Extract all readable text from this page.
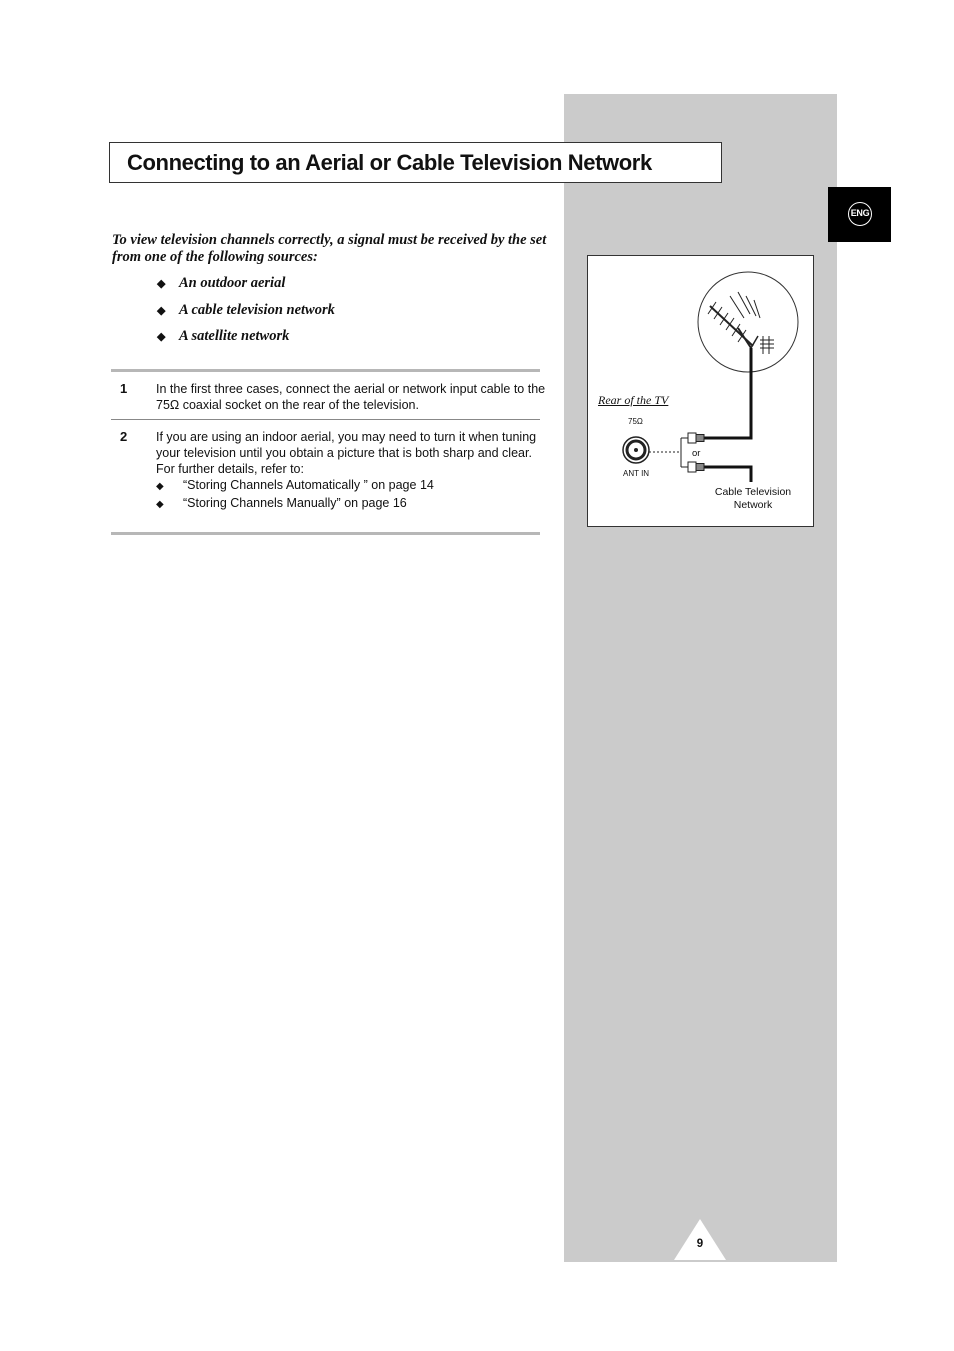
ENG
Connecting to an Aerial or Cable Television Network
To view television channels correctly, a signal must be received by the set from one of the following sources:
◆ An outdoor aerial
◆ A cable television network
◆ A satellite network
1 In the first three cases, connect the aerial or network input cable to the 75Ω coaxial socket on the rear of the television.
2 If you are using an indoor aerial, you may need to turn it when tuning your television until you obtain a picture that is both sharp and clear.
For further details, refer to:
◆ “Storing Channels Automatically ” on page 14
◆ “Storing Channels Manually” on page 16
Rear of the TV
75Ω
ANT IN
or
Cable Television Network
9
